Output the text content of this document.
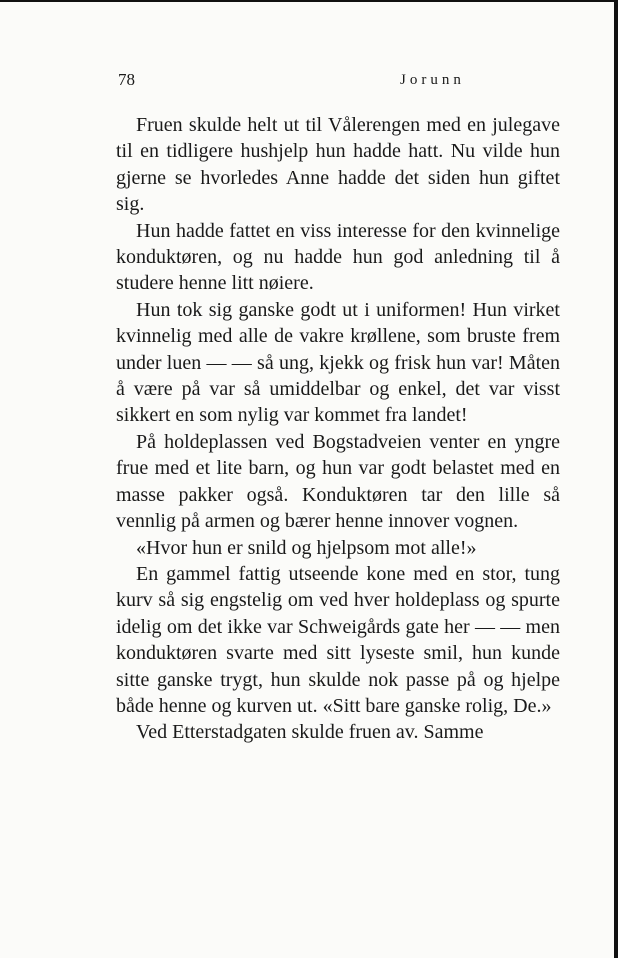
78	Jorunn

Fruen skulde helt ut til Vålerengen med en julegave til en tidligere hushjelp hun hadde hatt. Nu vilde hun gjerne se hvorledes Anne hadde det siden hun giftet sig.

Hun hadde fattet en viss interesse for den kvinnelige konduktøren, og nu hadde hun god anledning til å studere henne litt nøiere.

Hun tok sig ganske godt ut i uniformen! Hun virket kvinnelig med alle de vakre krøllene, som bruste frem under luen — — så ung, kjekk og frisk hun var! Måten å være på var så umiddelbar og enkel, det var visst sikkert en som nylig var kommet fra landet!

På holdeplassen ved Bogstadveien venter en yngre frue med et lite barn, og hun var godt belastet med en masse pakker også. Konduktøren tar den lille så vennlig på armen og bærer henne innover vognen.

«Hvor hun er snild og hjelpsom mot alle!»

En gammel fattig utseende kone med en stor, tung kurv så sig engstelig om ved hver holdeplass og spurte idelig om det ikke var Schweigårds gate her — — men konduktøren svarte med sitt lyseste smil, hun kunde sitte ganske trygt, hun skulde nok passe på og hjelpe både henne og kurven ut. «Sitt bare ganske rolig, De.»

Ved Etterstadgaten skulde fruen av. Samme
